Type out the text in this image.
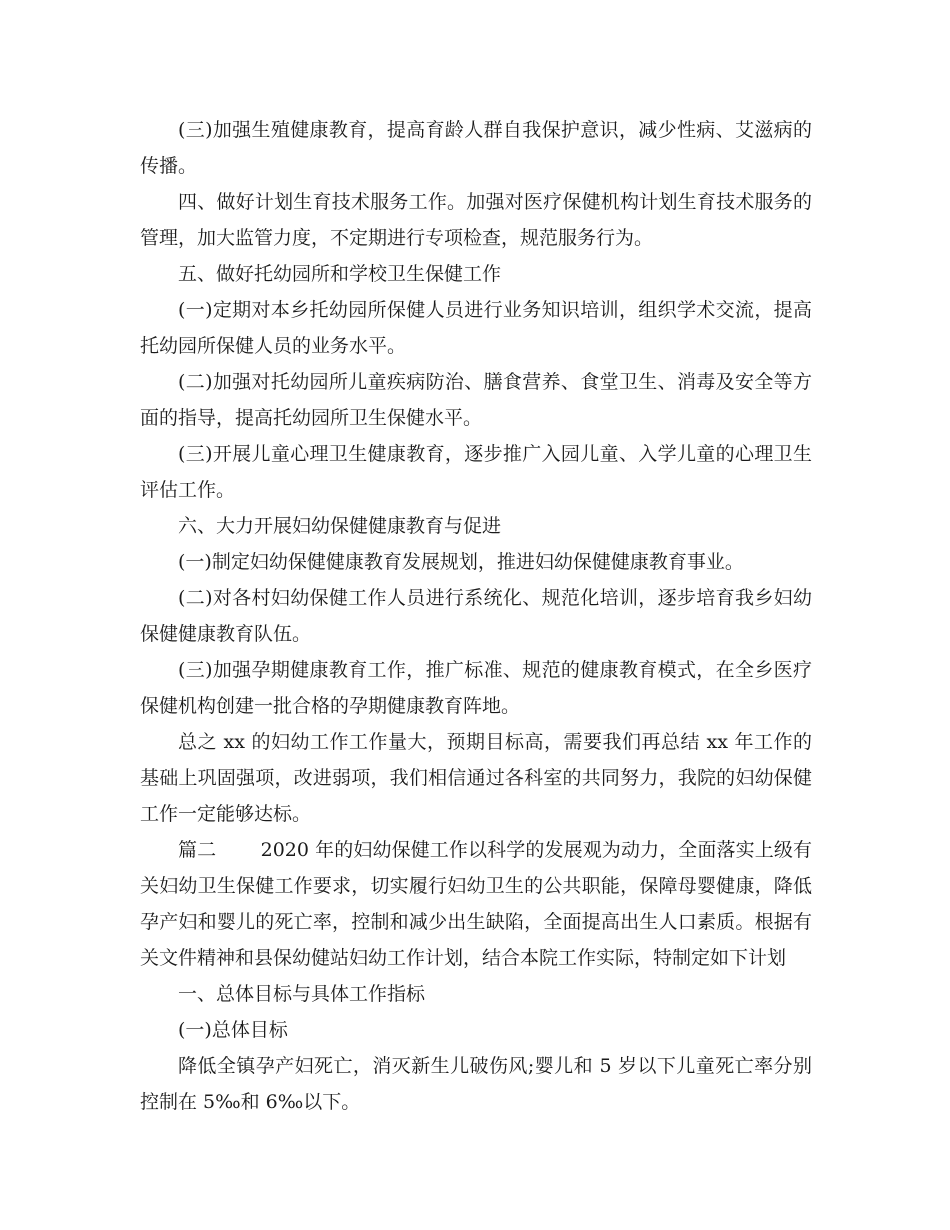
(三)加强生殖健康教育，提高育龄人群自我保护意识，减少性病、艾滋病的传播。

四、做好计划生育技术服务工作。加强对医疗保健机构计划生育技术服务的管理，加大监管力度，不定期进行专项检查，规范服务行为。

五、做好托幼园所和学校卫生保健工作

(一)定期对本乡托幼园所保健人员进行业务知识培训，组织学术交流，提高托幼园所保健人员的业务水平。

(二)加强对托幼园所儿童疾病防治、膳食营养、食堂卫生、消毒及安全等方面的指导，提高托幼园所卫生保健水平。

(三)开展儿童心理卫生健康教育，逐步推广入园儿童、入学儿童的心理卫生评估工作。

六、大力开展妇幼保健健康教育与促进

(一)制定妇幼保健健康教育发展规划，推进妇幼保健健康教育事业。

(二)对各村妇幼保健工作人员进行系统化、规范化培训，逐步培育我乡妇幼保健健康教育队伍。

(三)加强孕期健康教育工作，推广标准、规范的健康教育模式，在全乡医疗保健机构创建一批合格的孕期健康教育阵地。

总之 xx 的妇幼工作工作量大，预期目标高，需要我们再总结 xx 年工作的基础上巩固强项，改进弱项，我们相信通过各科室的共同努力，我院的妇幼保健工作一定能够达标。

篇二　　 2020 年的妇幼保健工作以科学的发展观为动力，全面落实上级有关妇幼卫生保健工作要求，切实履行妇幼卫生的公共职能，保障母婴健康，降低孕产妇和婴儿的死亡率，控制和减少出生缺陷，全面提高出生人口素质。根据有关文件精神和县保幼健站妇幼工作计划，结合本院工作实际，特制定如下计划

一、总体目标与具体工作指标

(一)总体目标

降低全镇孕产妇死亡，消灭新生儿破伤风;婴儿和 5 岁以下儿童死亡率分别控制在 5‰和 6‰以下。
